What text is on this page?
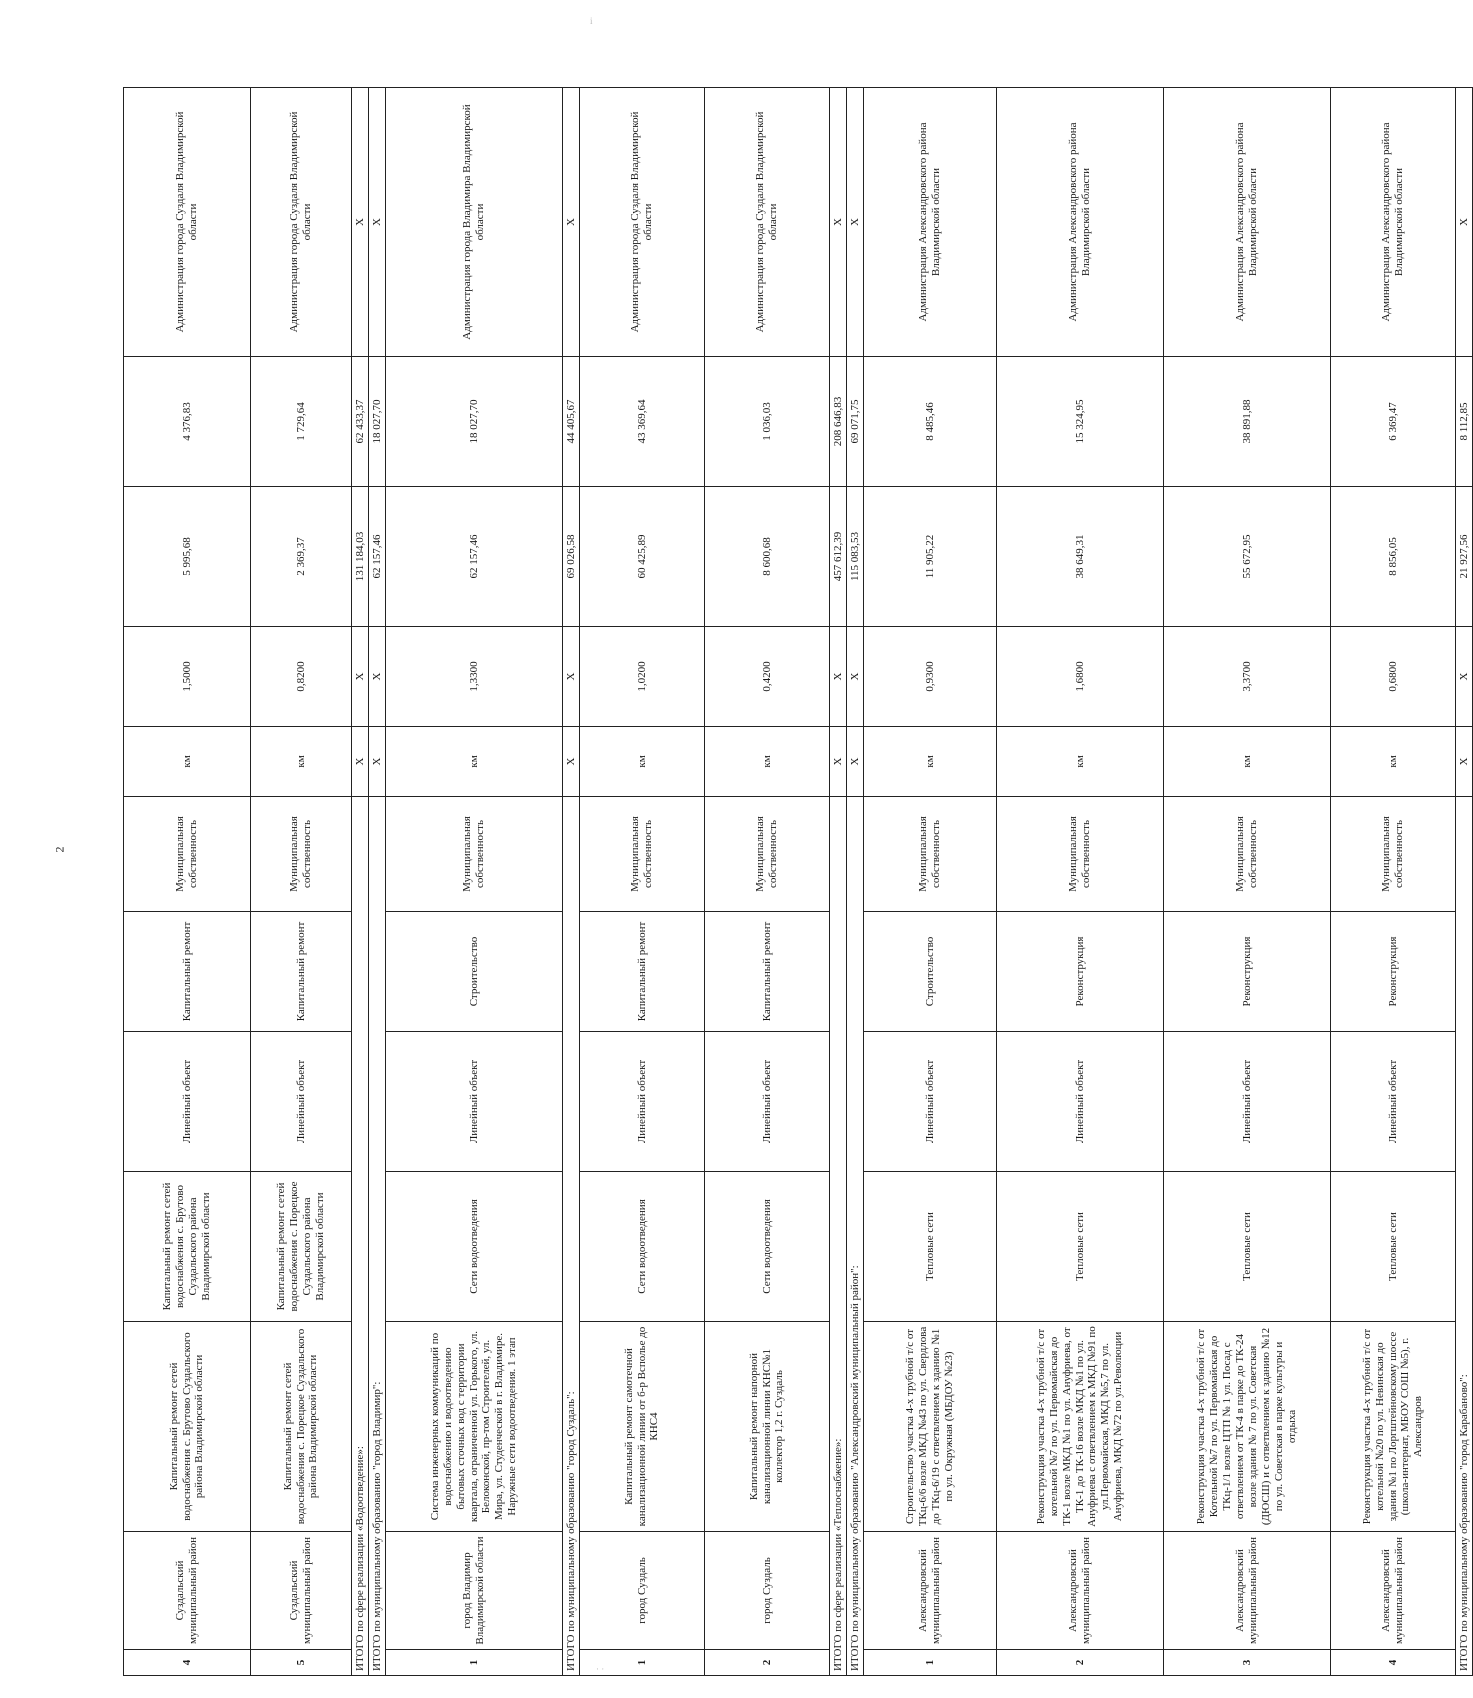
i
2
· ·
4	Суздальский муниципальный район	Капитальный ремонт сетей водоснабжения с. Брутово Суздальского района Владимирской области	Капитальный ремонт сетей водоснабжения с. Брутово Суздальского района Владимирской области	Линейный объект	Капитальный ремонт	Муниципальная собственность	км	1,5000	5 995,68	4 376,83	Администрация города Суздаля Владимирской области
5	Суздальский муниципальный район	Капитальный ремонт сетей водоснабжения с. Порецкое Суздальского района Владимирской области	Капитальный ремонт сетей водоснабжения с. Порецкое Суздальского района Владимирской области	Линейный объект	Капитальный ремонт	Муниципальная собственность	км	0,8200	2 369,37	1 729,64	Администрация города Суздаля Владимирской области
ИТОГО по сфере реализации «Водоотведение»:							Х	Х	131 184,03	62 433,37	Х
ИТОГО по муниципальному образованию "город Владимир":							Х	Х	62 157,46	18 027,70	Х
1	город Владимир Владимирской области	Система инженерных коммуникаций по водоснабжению и водоотведению бытовых сточных вод с территории квартала, ограниченной ул. Горького, ул. Белоконской, пр-том Строителей, ул. Мира, ул. Студенческой в г. Владимире. Наружные сети водоотведения. 1 этап	Сети водоотведения	Линейный объект	Строительство	Муниципальная собственность	км	1,3300	62 157,46	18 027,70	Администрация города Владимира Владимирской области
ИТОГО по муниципальному образованию "город Суздаль":							Х	Х	69 026,58	44 405,67	Х
1	город Суздаль	Капитальный ремонт самотечной канализационной линии от б-р Всполье до КНС4	Сети водоотведения	Линейный объект	Капитальный ремонт	Муниципальная собственность	км	1,0200	60 425,89	43 369,64	Администрация города Суздаля Владимирской области
2	город Суздаль	Капитальный ремонт напорной канализационной линии КНС№1 коллектор 1,2 г. Суздаль	Сети водоотведения	Линейный объект	Капитальный ремонт	Муниципальная собственность	км	0,4200	8 600,68	1 036,03	Администрация города Суздаля Владимирской области
ИТОГО по сфере реализации «Теплоснабжение»:							Х	Х	457 612,39	208 646,83	Х
ИТОГО по муниципальному образованию "Александровский муниципальный район":							Х	Х	115 083,53	69 071,75	Х
1	Александровский муниципальный район	Строительство участка 4-х трубной т/с от ТКц-6/6 возле МКД №43 по ул. Свердлова до ТКц-6/19 с ответвлением к зданию №1 по ул. Окружная (МБДОУ №23)	Тепловые сети	Линейный объект	Строительство	Муниципальная собственность	км	0,9300	11 905,22	8 485,46	Администрация Александровского района Владимирской области
2	Александровский муниципальный район	Реконструкция участка 4-х трубной т/с от котельной №7 по ул. Первомайская до ТК-1 возле МКД №1 по ул. Ануфриева, от ТК-1 до ТК-16 возле МКД №1 по ул. Ануфриева с ответвлением к МКД №91 по ул.Первомайская, МКД №5,7 по ул. Ануфриева, МКД №72 по ул.Революции	Тепловые сети	Линейный объект	Реконструкция	Муниципальная собственность	км	1,6800	38 649,31	15 324,95	Администрация Александровского района Владимирской области
3	Александровский муниципальный район	Реконструкция участка 4-х трубной т/с от Котельной №7 по ул. Первомайская до ТКц-1/1 возле ЦТП № 1 ул. Посад с ответвлением от ТК-4 в парке до ТК-24 возле здания № 7 по ул. Советская (ДЮСШ) и с ответвлением к зданию №12 по ул. Советская в парке культуры и отдыха	Тепловые сети	Линейный объект	Реконструкция	Муниципальная собственность	км	3,3700	55 672,95	38 891,88	Администрация Александровского района Владимирской области
4	Александровский муниципальный район	Реконструкция участка 4-х трубной т/с от котельной №20 по ул. Невинская до здания №1 по Лоргштейновскому шоссе (школа-интернат, МБОУ СОШ №5), г. Александров	Тепловые сети	Линейный объект	Реконструкция	Муниципальная собственность	км	0,6800	8 856,05	6 369,47	Администрация Александровского района Владимирской области
ИТОГО по муниципальному образованию "город Карабаново":							Х	Х	21 927,56	8 112,85	Х
